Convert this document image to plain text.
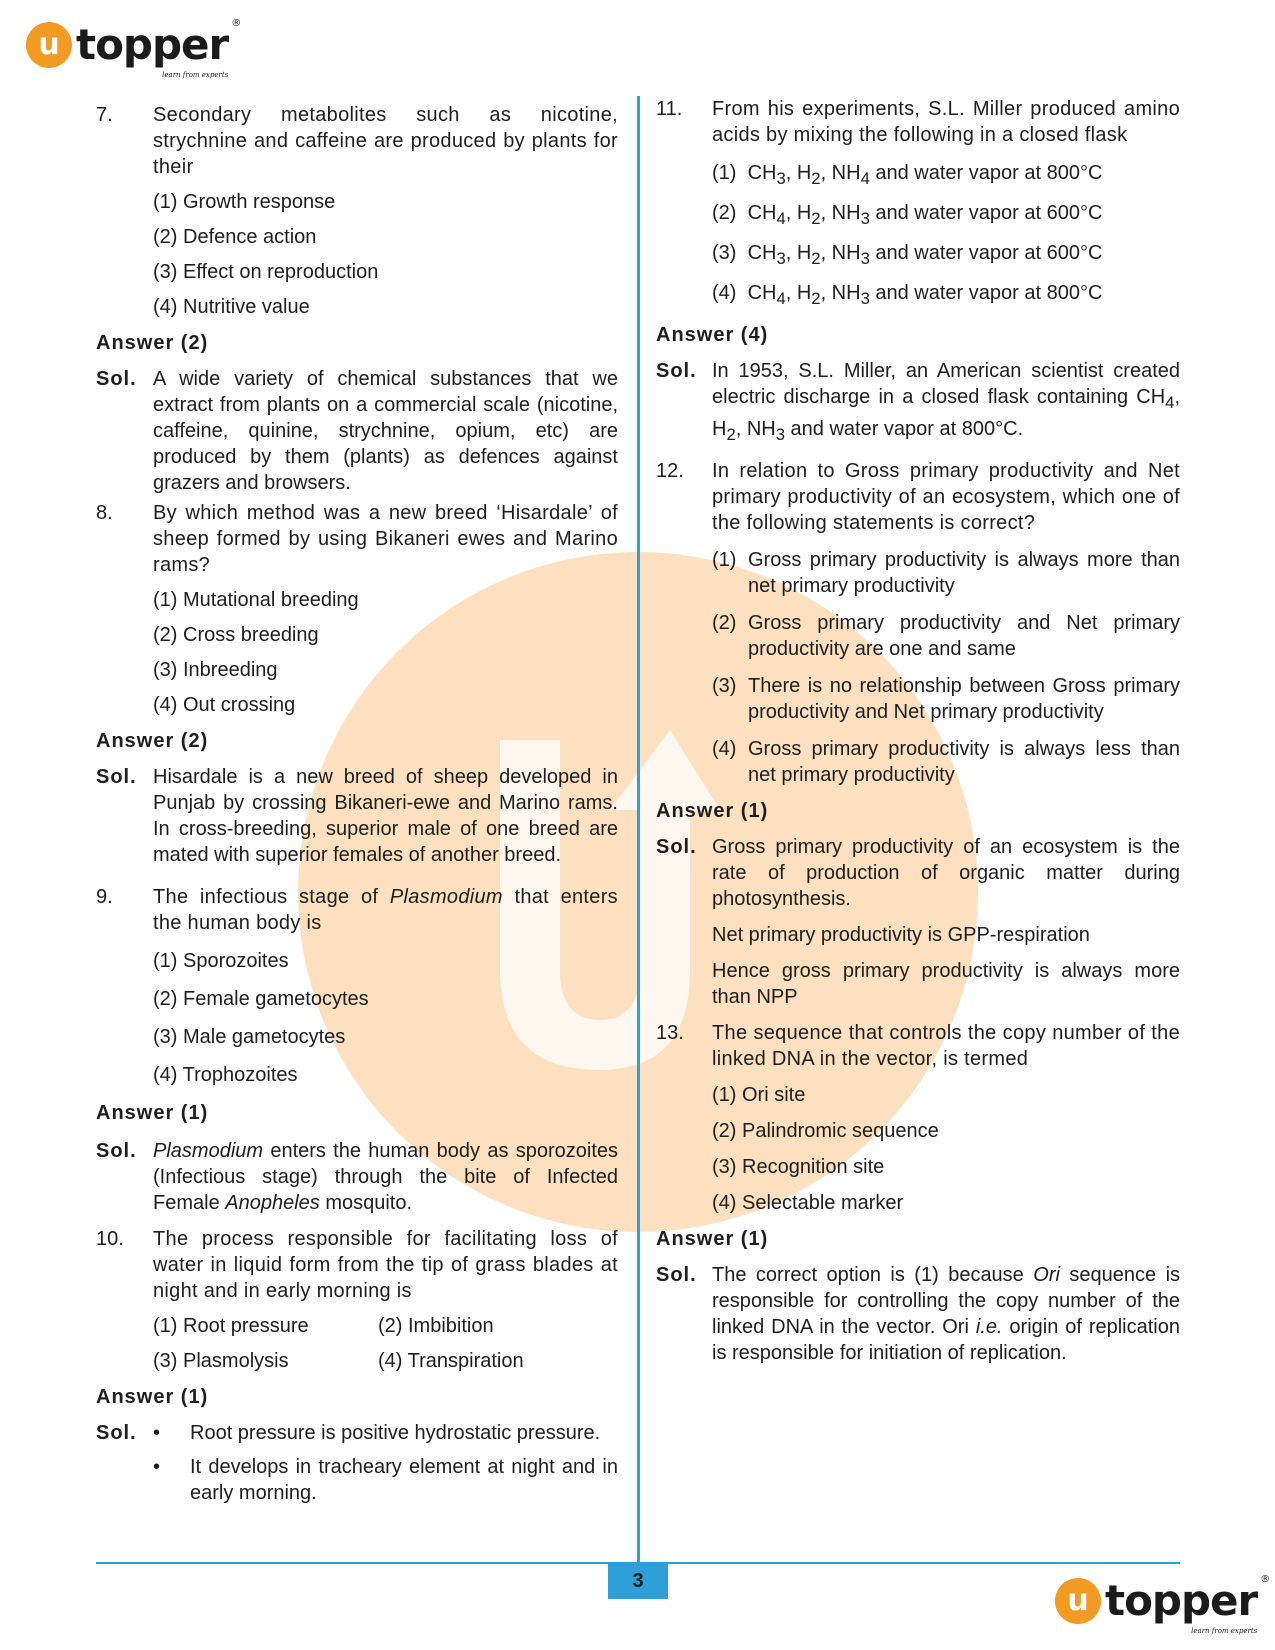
u topper ®
learn from experts
7.	Secondary metabolites such as nicotine, strychnine and caffeine are produced by plants for their
(1) Growth response
(2) Defence action
(3) Effect on reproduction
(4) Nutritive value
Answer (2)
Sol. A wide variety of chemical substances that we extract from plants on a commercial scale (nicotine, caffeine, quinine, strychnine, opium, etc) are produced by them (plants) as defences against grazers and browsers.
8.	By which method was a new breed ‘Hisardale’ of sheep formed by using Bikaneri ewes and Marino rams?
(1) Mutational breeding
(2) Cross breeding
(3) Inbreeding
(4) Out crossing
Answer (2)
Sol. Hisardale is a new breed of sheep developed in Punjab by crossing Bikaneri-ewe and Marino rams. In cross-breeding, superior male of one breed are mated with superior females of another breed.
9.	The infectious stage of Plasmodium that enters the human body is
(1) Sporozoites
(2) Female gametocytes
(3) Male gametocytes
(4) Trophozoites
Answer (1)
Sol. Plasmodium enters the human body as sporozoites (Infectious stage) through the bite of Infected Female Anopheles mosquito.
10.	The process responsible for facilitating loss of water in liquid form from the tip of grass blades at night and in early morning is
(1) Root pressure	(2) Imbibition
(3) Plasmolysis	(4) Transpiration
Answer (1)
Sol. •	Root pressure is positive hydrostatic pressure.
•	It develops in tracheary element at night and in early morning.
11.	From his experiments, S.L. Miller produced amino acids by mixing the following in a closed flask
(1) $CH_3$, $H_2$, $NH_4$ and water vapor at 800°C
(2) $CH_4$, $H_2$, $NH_3$ and water vapor at 600°C
(3) $CH_3$, $H_2$, $NH_3$ and water vapor at 600°C
(4) $CH_4$, $H_2$, $NH_3$ and water vapor at 800°C
Answer (4)
Sol. In 1953, S.L. Miller, an American scientist created electric discharge in a closed flask containing $CH_4$, $H_2$, $NH_3$ and water vapor at 800°C.
12.	In relation to Gross primary productivity and Net primary productivity of an ecosystem, which one of the following statements is correct?
(1) Gross primary productivity is always more than net primary productivity
(2) Gross primary productivity and Net primary productivity are one and same
(3) There is no relationship between Gross primary productivity and Net primary productivity
(4) Gross primary productivity is always less than net primary productivity
Answer (1)
Sol. Gross primary productivity of an ecosystem is the rate of production of organic matter during photosynthesis.
Net primary productivity is GPP-respiration
Hence gross primary productivity is always more than NPP
13.	The sequence that controls the copy number of the linked DNA in the vector, is termed
(1) Ori site
(2) Palindromic sequence
(3) Recognition site
(4) Selectable marker
Answer (1)
Sol. The correct option is (1) because Ori sequence is responsible for controlling the copy number of the linked DNA in the vector. Ori i.e. origin of replication is responsible for initiation of replication.
3
u topper ®
learn from experts
